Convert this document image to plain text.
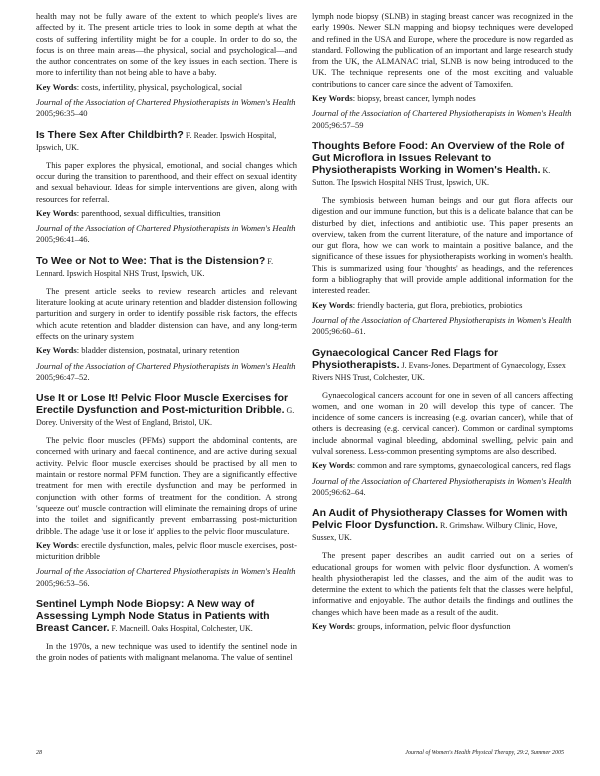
health may not be fully aware of the extent to which people's lives are affected by it. The present article tries to look in some depth at what the costs of suffering infertility might be for a couple. In order to do so, the focus is on three main areas—the physical, social and psychological—and the author concentrates on some of the key issues in each section. There is more to infertility than not being able to have a baby.

Key Words: costs, infertility, physical, psychological, social
Journal of the Association of Chartered Physiotherapists in Women's Health 2005;96:35–40
Is There Sex After Childbirth? F. Reader. Ipswich Hospital, Ipswich, UK.

This paper explores the physical, emotional, and social changes which occur during the transition to parenthood, and their effect on sexual identity and sexual behaviour. Ideas for simple interventions are given, along with resources for referral.

Key Words: parenthood, sexual difficulties, transition
Journal of the Association of Chartered Physiotherapists in Women's Health 2005;96:41–46.
To Wee or Not to Wee: That is the Distension? F. Lennard. Ipswich Hospital NHS Trust, Ipswich, UK.

The present article seeks to review research articles and relevant literature looking at acute urinary retention and bladder distension following parturition and surgery in order to identify possible risk factors, the effects which acute retention and bladder distension can have, and any long-term effects on the urinary system

Key Words: bladder distension, postnatal, urinary retention
Journal of the Association of Chartered Physiotherapists in Women's Health 2005;96:47–52.
Use It or Lose It! Pelvic Floor Muscle Exercises for Erectile Dysfunction and Post-micturition Dribble. G. Dorey. University of the West of England, Bristol, UK.

The pelvic floor muscles (PFMs) support the abdominal contents, are concerned with urinary and faecal continence, and are active during sexual activity. Pelvic floor muscle exercises should be practised by all men to maintain or restore normal PFM function. They are a significantly effective treatment for men with erectile dysfunction and may be performed in conjunction with other forms of treatment for the condition. A strong 'squeeze out' muscle contraction will eliminate the remaining drops of urine into the toilet and significantly prevent embarrassing post-micturition dribble. The adage 'use it or lose it' applies to the pelvic floor musculature.

Key Words: erectile dysfunction, males, pelvic floor muscle exercises, post-micturition dribble
Journal of the Association of Chartered Physiotherapists in Women's Health 2005;96:53–56.
Sentinel Lymph Node Biopsy: A New way of Assessing Lymph Node Status in Patients with Breast Cancer. F. Macneill. Oaks Hospital, Colchester, UK.

In the 1970s, a new technique was used to identify the sentinel node in the groin nodes of patients with malignant melanoma. The value of sentinel

lymph node biopsy (SLNB) in staging breast cancer was recognized in the early 1990s. Newer SLN mapping and biopsy techniques were developed and refined in the USA and Europe, where the procedure is now regarded as standard. Following the publication of an important and large research study from the UK, the ALMANAC trial, SLNB is now being introduced to the UK. The technique represents one of the most exciting and valuable contributions to cancer care since the advent of Tamoxifen.

Key Words: biopsy, breast cancer, lymph nodes
Journal of the Association of Chartered Physiotherapists in Women's Health 2005;96:57–59
Thoughts Before Food: An Overview of the Role of Gut Microflora in Issues Relevant to Physiotherapists Working in Women's Health. K. Sutton. The Ipswich Hospital NHS Trust, Ipswich, UK.

The symbiosis between human beings and our gut flora affects our digestion and our immune function, but this is a delicate balance that can be disturbed by diet, infections and antibiotic use. This paper presents an overview, taken from the current literature, of the nature and importance of our gut flora, how we can work to maintain a positive balance, and the significance of these issues for physiotherapists working in women's health. This is summarized using four 'thoughts' as headings, and the references form a bibliography that will provide ample additional information for the interested reader.

Key Words: friendly bacteria, gut flora, prebiotics, probiotics
Journal of the Association of Chartered Physiotherapists in Women's Health 2005;96:60–61.
Gynaecological Cancer Red Flags for Physiotherapists. J. Evans-Jones. Department of Gynaecology, Essex Rivers NHS Trust, Colchester, UK.

Gynaecological cancers account for one in seven of all cancers affecting women, and one woman in 20 will develop this type of cancer. The incidence of some cancers is increasing (e.g. ovarian cancer), while that of others is decreasing (e.g. cervical cancer). Common or cardinal symptoms include abnormal vaginal bleeding, abdominal swelling, pelvic pain and vulval soreness. Less-common presenting symptoms are also described.

Key Words: common and rare symptoms, gynaecological cancers, red flags
Journal of the Association of Chartered Physiotherapists in Women's Health 2005;96:62–64.
An Audit of Physiotherapy Classes for Women with Pelvic Floor Dysfunction. R. Grimshaw. Wilbury Clinic, Hove, Sussex, UK.

The present paper describes an audit carried out on a series of educational groups for women with pelvic floor dysfunction. A women's health physiotherapist led the classes, and the aim of the audit was to determine the extent to which the patients felt that the classes were helpful, informative and enjoyable. The author details the findings and outlines the changes which have been made as a result of the audit.

Key Words: groups, information, pelvic floor dysfunction
28	Journal of Women's Health Physical Therapy, 29:2, Summer 2005
